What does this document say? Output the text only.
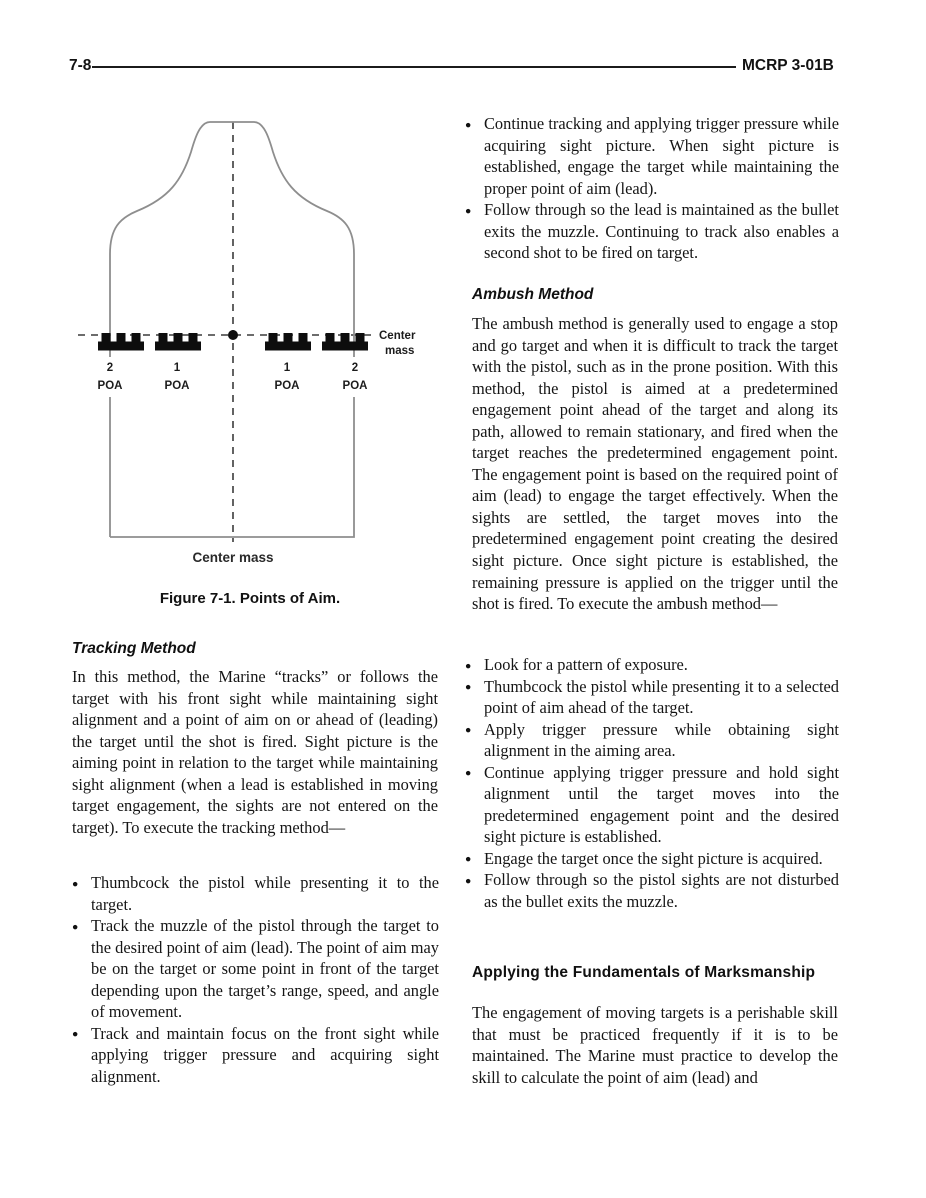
7-8	MCRP 3-01B
2
POA
1
POA
1
POA
2
POA
Center
mass
Center mass
Figure 7-1. Points of Aim.
Tracking Method

In this method, the Marine “tracks” or follows the target with his front sight while maintaining sight alignment and a point of aim on or ahead of (leading) the target until the shot is fired. Sight picture is the aiming point in relation to the target while maintaining sight alignment (when a lead is established in moving target engagement, the sights are not entered on the target). To execute the tracking method—

● Thumbcock the pistol while presenting it to the target.
● Track the muzzle of the pistol through the target to the desired point of aim (lead). The point of aim may be on the target or some point in front of the target depending upon the target’s range, speed, and angle of movement.
● Track and maintain focus on the front sight while applying trigger pressure and acquiring sight alignment.
● Continue tracking and applying trigger pressure while acquiring sight picture. When sight picture is established, engage the target while maintaining the proper point of aim (lead).
● Follow through so the lead is maintained as the bullet exits the muzzle. Continuing to track also enables a second shot to be fired on target.
Ambush Method

The ambush method is generally used to engage a stop and go target and when it is difficult to track the target with the pistol, such as in the prone position. With this method, the pistol is aimed at a predetermined engagement point ahead of the target and along its path, allowed to remain stationary, and fired when the target reaches the predetermined engagement point. The engagement point is based on the required point of aim (lead) to engage the target effectively. When the sights are settled, the target moves into the predetermined engagement point creating the desired sight picture. Once sight picture is established, the remaining pressure is applied on the trigger until the shot is fired. To execute the ambush method—

● Look for a pattern of exposure.
● Thumbcock the pistol while presenting it to a selected point of aim ahead of the target.
● Apply trigger pressure while obtaining sight alignment in the aiming area.
● Continue applying trigger pressure and hold sight alignment until the target moves into the predetermined engagement point and the desired sight picture is established.
● Engage the target once the sight picture is acquired.
● Follow through so the pistol sights are not disturbed as the bullet exits the muzzle.
Applying the Fundamentals of Marksmanship

The engagement of moving targets is a perishable skill that must be practiced frequently if it is to be maintained. The Marine must practice to develop the skill to calculate the point of aim (lead) and
